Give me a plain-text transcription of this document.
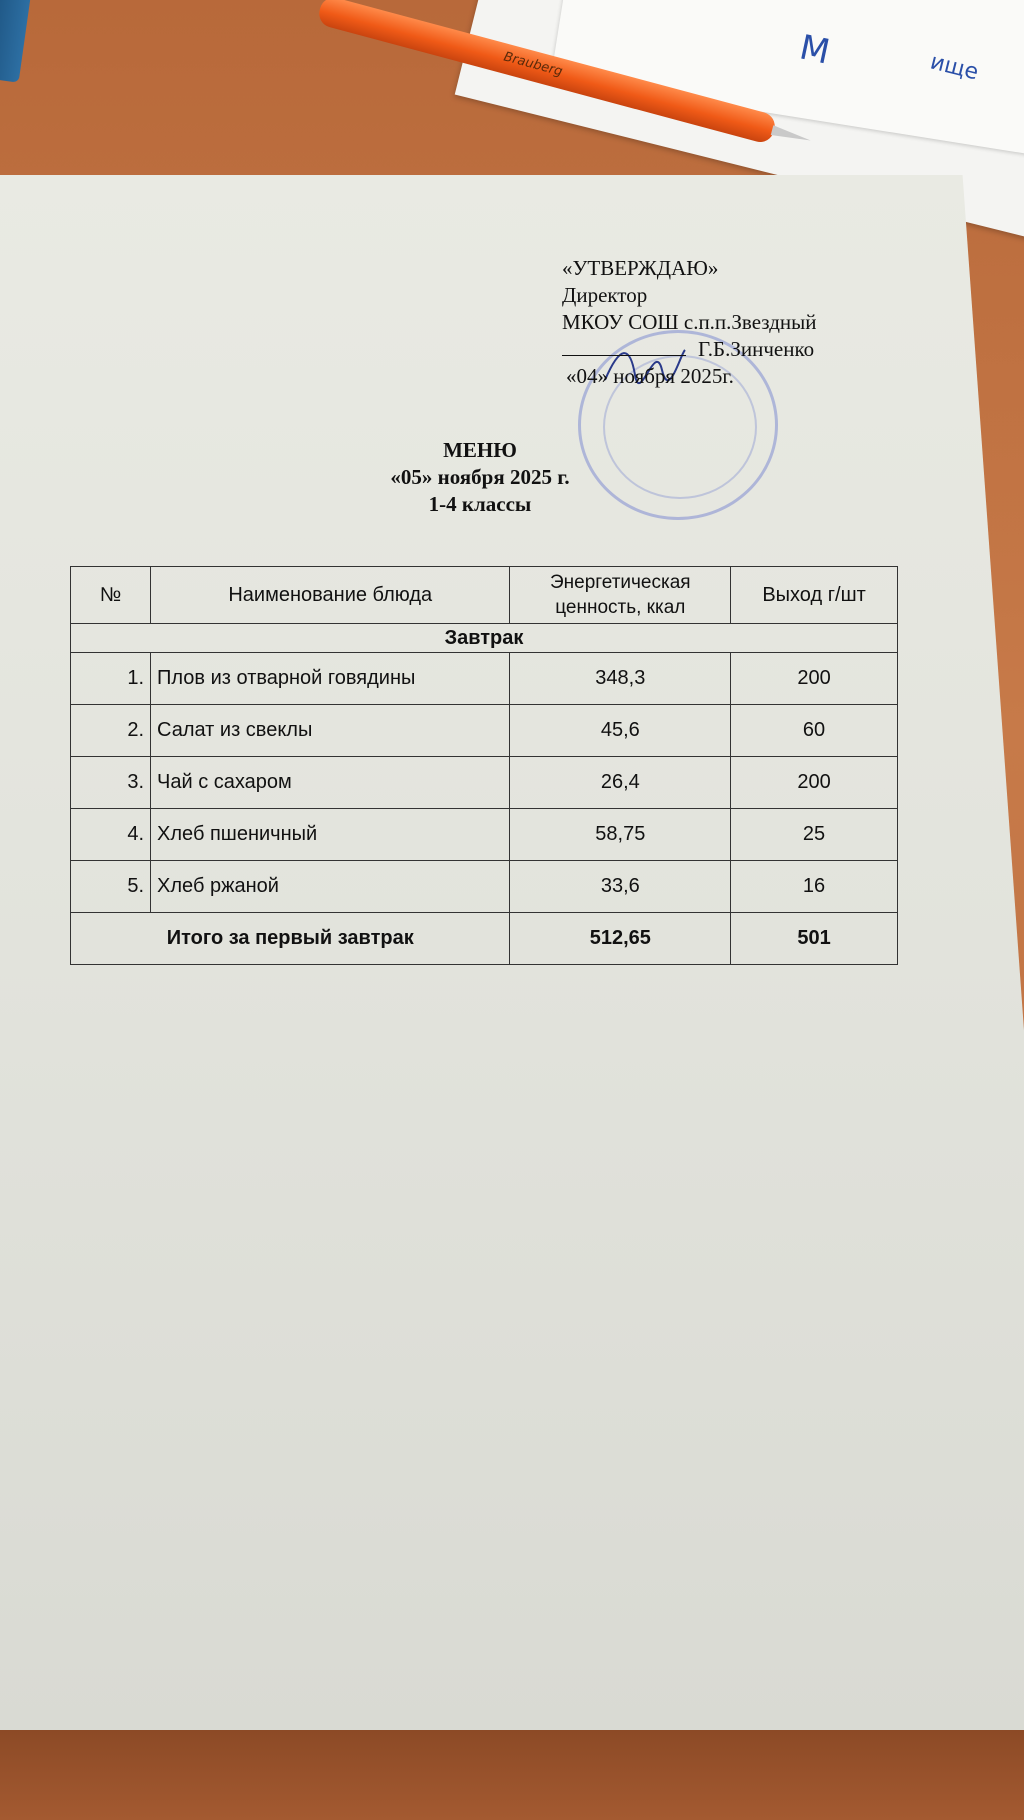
М	ище
Brauberg
«УТВЕРЖДАЮ»
Директор
МКОУ СОШ с.п.п.Звездный
Г.Б.Зинченко
«04» ноября 2025г.
МЕНЮ
«05» ноября 2025 г.
1-4 классы
№	Наименование блюда	Энергетическая ценность, ккал	Выход г/шт
Завтрак			
1.	Плов из отварной говядины	348,3	200
2.	Салат из свеклы	45,6	60
3.	Чай с сахаром	26,4	200
4.	Хлеб пшеничный	58,75	25
5.	Хлеб ржаной	33,6	16
Итого за первый завтрак		512,65	501
